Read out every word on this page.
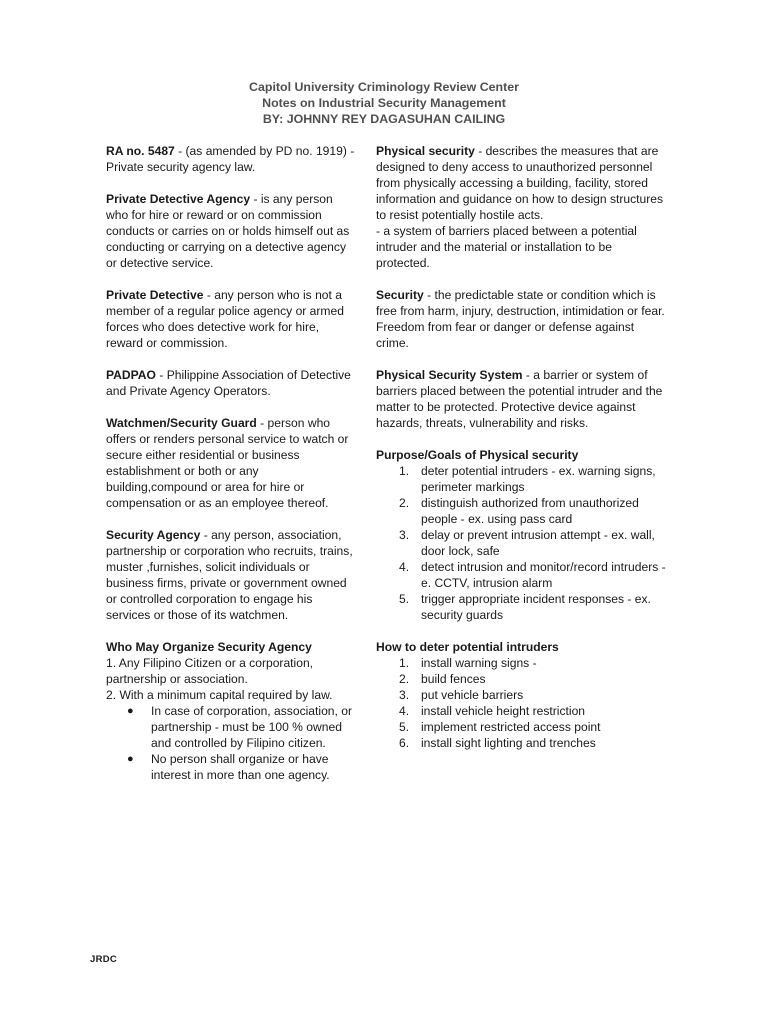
Capitol University Criminology Review Center
Notes on Industrial Security Management
BY: JOHNNY REY DAGASUHAN CAILING

RA no. 5487 - (as amended by PD no. 1919) - Private security agency law.

Private Detective Agency - is any person who for hire or reward or on commission conducts or carries on or holds himself out as conducting or carrying on a detective agency or detective service.

Private Detective - any person who is not a member of a regular police agency or armed forces who does detective work for hire, reward or commission.

PADPAO - Philippine Association of Detective and Private Agency Operators.

Watchmen/Security Guard - person who offers or renders personal service to watch or secure either residential or business establishment or both or any building,compound or area for hire or compensation or as an employee thereof.

Security Agency - any person, association, partnership or corporation who recruits, trains, muster ,furnishes, solicit individuals or business firms, private or government owned or controlled corporation to engage his services or those of its watchmen.

Who May Organize Security Agency

1. Any Filipino Citizen or a corporation, partnership or association.

2. With a minimum capital required by law.

● In case of corporation, association, or partnership - must be 100 % owned and controlled by Filipino citizen.
● No person shall organize or have interest in more than one agency.

Physical security - describes the measures that are designed to deny access to unauthorized personnel from physically accessing a building, facility, stored information and guidance on how to design structures to resist potentially hostile acts.

- a system of barriers placed between a potential intruder and the material or installation to be protected.

Security - the predictable state or condition which is free from harm, injury, destruction, intimidation or fear. Freedom from fear or danger or defense against crime.

Physical Security System - a barrier or system of barriers placed between the potential intruder and the matter to be protected. Protective device against hazards, threats, vulnerability and risks.

Purpose/Goals of Physical security

1. deter potential intruders - ex. warning signs, perimeter markings
2. distinguish authorized from unauthorized people - ex. using pass card
3. delay or prevent intrusion attempt - ex. wall, door lock, safe
4. detect intrusion and monitor/record intruders - e. CCTV, intrusion alarm
5. trigger appropriate incident responses - ex. security guards

How to deter potential intruders

1. install warning signs -
2. build fences
3. put vehicle barriers
4. install vehicle height restriction
5. implement restricted access point
6. install sight lighting and trenches
JRDC
